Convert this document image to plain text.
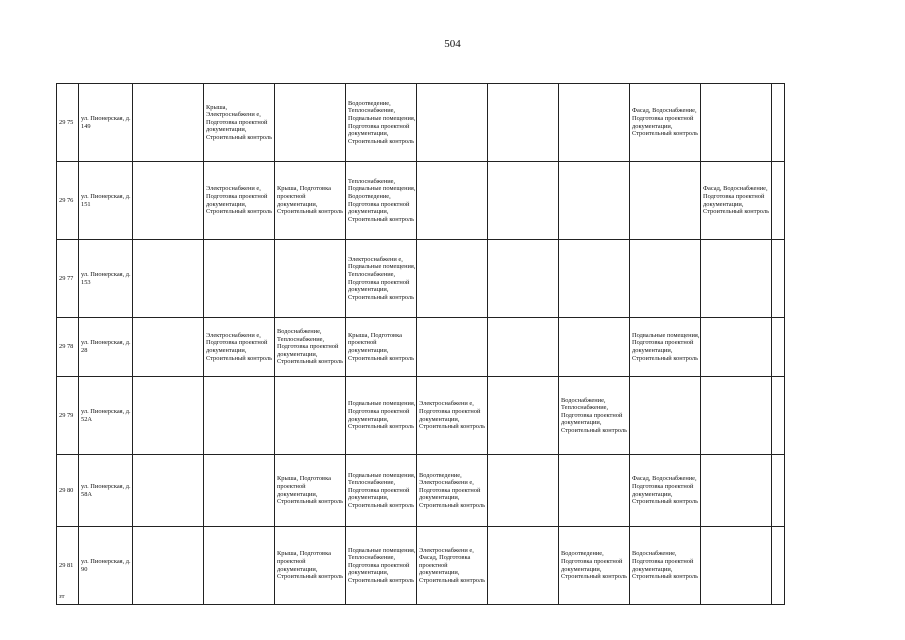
504
29 75	ул. Пионерская, д. 149		Крыша, Электроснабжени е, Подготовка проектной документации, Строительный контроль		Водоотведение, Теплоснабжение, Подвальные помещения, Подготовка проектной документации, Строительный контроль				Фасад, Водоснабжение, Подготовка проектной документации, Строительный контроль		
29 76	ул. Пионерская, д. 151		Электроснабжени е, Подготовка проектной документации, Строительный контроль	Крыша, Подготовка проектной документации, Строительный контроль	Теплоснабжение, Подвальные помещения, Водоотведение, Подготовка проектной документации, Строительный контроль					Фасад, Водоснабжение, Подготовка проектной документации, Строительный контроль	
29 77	ул. Пионерская, д. 153				Электроснабжени е, Подвальные помещения, Теплоснабжение, Подготовка проектной документации, Строительный контроль						
29 78	ул. Пионерская, д. 28		Электроснабжени е, Подготовка проектной документации, Строительный контроль	Водоснабжение, Теплоснабжение, Подготовка проектной документации, Строительный контроль	Крыша, Подготовка проектной документации, Строительный контроль				Подвальные помещения, Подготовка проектной документации, Строительный контроль		
29 79	ул. Пионерская, д. 52А				Подвальные помещения, Подготовка проектной документации, Строительный контроль	Электроснабжени е, Подготовка проектной документации, Строительный контроль		Водоснабжение, Теплоснабжение, Подготовка проектной документации, Строительный контроль			
29 80	ул. Пионерская, д. 58А			Крыша, Подготовка проектной документации, Строительный контроль	Подвальные помещения, Теплоснабжение, Подготовка проектной документации, Строительный контроль	Водоотведение, Электроснабжени е, Подготовка проектной документации, Строительный контроль			Фасад, Водоснабжение, Подготовка проектной документации, Строительный контроль		
29 81	ул. Пионерская, д. 90			Крыша, Подготовка проектной документации, Строительный контроль	Подвальные помещения, Теплоснабжение, Подготовка проектной документации, Строительный контроль	Электроснабжени е, Фасад, Подготовка проектной документации, Строительный контроль		Водоотведение, Подготовка проектной документации, Строительный контроль	Водоснабжение, Подготовка проектной документации, Строительный контроль		
зт
